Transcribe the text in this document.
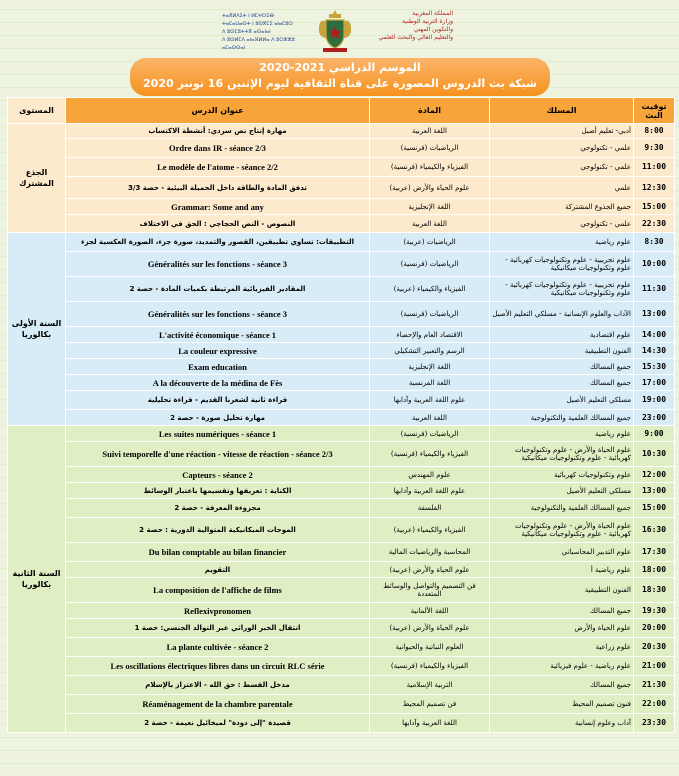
ⵜⴰⴳⵍⴷⵉⵜ ⵏ ⵍⵎⵖⵔⵉⴱ
ⵜⴰⵎⴰⵡⴰⵙⵜ ⵏ ⵓⵙⴳⵎⵉ ⴰⵏⴰⵎⵓⵔ
ⴷ ⵓⵙⵎⵓⵜⵜⴳ ⴰⵙⴰⵏⴰⵏ
ⴷ ⵓⵙⵍⵎⴷ ⴰⵏⴰⴼⵍⵍⴰ ⴷ ⵓⵔⵣⵣⵓ ⴰⵎⴰⵙⵙⴰⵏ
المملكة المغربية
وزارة التربية الوطنية
والتكوين المهني
والتعليم العالي والبحث العلمي
الموسم الدراسي 2021-2020
شبكة بث الدروس المصورة على قناة الثقافية ليوم الإثنين 16 نونبر 2020
توقيت البث	المسلك	المادة	عنوان الدرس	المستوى
8:00	أدبي- تعليم أصيل	اللغة العربية	مهارة إنتاج نص سردي: أنشطة الاكتساب	الجذع المشترك
9:30	علمي - تكنولوجي	الرياضيات (فرنسية)	Ordre dans IR - séance 2/3	
11:00	علمي - تكنولوجي	الفيزياء والكيمياء (فرنسية)	Le modèle de l'atome - séance 2/2	
12:30	علمي	علوم الحياة والأرض (عربية)	تدفق المادة والطاقة داخل الحميلة البيئية - حصة 3/3	
15:00	جميع الجذوع المشتركة	اللغة الإنجليزية	Grammar: Some and any	
22:30	علمي - تكنولوجي	اللغة العربية	النصوص - النص الحجاجي : الحق في الاختلاف	
8:30	علوم رياضية	الرياضيات (عربية)	التطبيقات: تساوي تطبيقين، القصور والتمديد، صورة جزء، الصورة العكسية لجزء	السنة الأولى بكالوريا
10:00	علوم تجريبية - علوم وتكنولوجيات كهربائية - علوم وتكنولوجيات ميكانيكية	الرياضيات (فرنسية)	Généralités sur les fonctions - séance 3	
11:30	علوم تجريبية - علوم وتكنولوجيات كهربائية - علوم وتكنولوجيات ميكانيكية	الفيزياء والكيمياء (عربية)	المقادير الفيزيائية المرتبطة بكميات المادة - حصة 2	
13:00	الآداب والعلوم الإنسانية - مسلكي التعليم الأصيل	الرياضيات (فرنسية)	Généralités sur les fonctions - séance 3	
14:00	علوم اقتصادية	الاقتصاد العام والإحصاء	L'activité économique - séance 1	
14:30	الفنون التطبيقية	الرسم والتعبير التشكيلي	La couleur expressive	
15:30	جميع المسالك	اللغة الإنجليزية	Exam education	
17:00	جميع المسالك	اللغة الفرنسية	A la découverte de la médina de Fès	
19:00	مسلكي التعليم الأصيل	علوم اللغة العربية وآدابها	قراءة ثانية لشعرنا القديم - قراءة تحليلية	
23:00	جميع المسالك العلمية والتكنولوجية	اللغة العربية	مهارة تحليل صورة - حصة 2	
9:00	علوم رياضية	الرياضيات (فرنسية)	Les suites numériques - séance 1	السنة الثانية بكالوريا
10:30	علوم الحياة والأرض - علوم وتكنولوجيات كهربائية - علوم وتكنولوجيات ميكانيكية	الفيزياء والكيمياء (فرنسية)	Suivi temporelle d'une réaction - vitesse de réaction - séance 2/3	
12:00	علوم وتكنولوجيات كهربائية	علوم المهندس	Capteurs - séance 2	
13:00	مسلكي التعليم الأصيل	علوم اللغة العربية وآدابها	الكناية : تعريفها وتقسيمها باعتبار الوسائط	
15:00	جميع المسالك العلمية والتكنولوجية	الفلسفة	مجزوءة المعرفة - حصة 2	
16:30	علوم الحياة والأرض - علوم وتكنولوجيات كهربائية - علوم وتكنولوجيات ميكانيكية	الفيزياء والكيمياء (عربية)	الموجات الميكانيكية المتوالية الدورية : حصة 2	
17:30	علوم التدبير المحاسباتي	المحاسبة والرياضيات المالية	Du bilan comptable au bilan financier	
18:00	علوم رياضية أ	علوم الحياة والأرض (عربية)	التقويم	
18:30	الفنون التطبيقية	فن التصميم والتواصل والوسائط المتعددة	La composition de l'affiche de films	
19:30	جميع المسالك	اللغة الألمانية	Reflexivpronomen	
20:00	علوم الحياة والأرض	علوم الحياة والأرض (عربية)	انتقال الخبر الوراثي عبر التوالد الجنسي: حصة 1	
20:30	علوم زراعية	العلوم النباتية والحيوانية	La plante cultivée - séance 2	
21:00	علوم رياضية - علوم فيزيائية	الفيزياء والكيمياء (فرنسية)	Les oscillations électriques libres dans un circuit RLC série	
21:30	جميع المسالك	التربية الإسلامية	مدخل القسط : حق الله - الاعتزاز بالإسلام	
22:00	فنون تصميم المحيط	فن تصميم المحيط	Réaménagement de la chambre parentale	
23:30	آداب وعلوم إنسانية	اللغة العربية وآدابها	قصيدة "إلى دودة" لميخائيل نعيمة - حصة 2	
